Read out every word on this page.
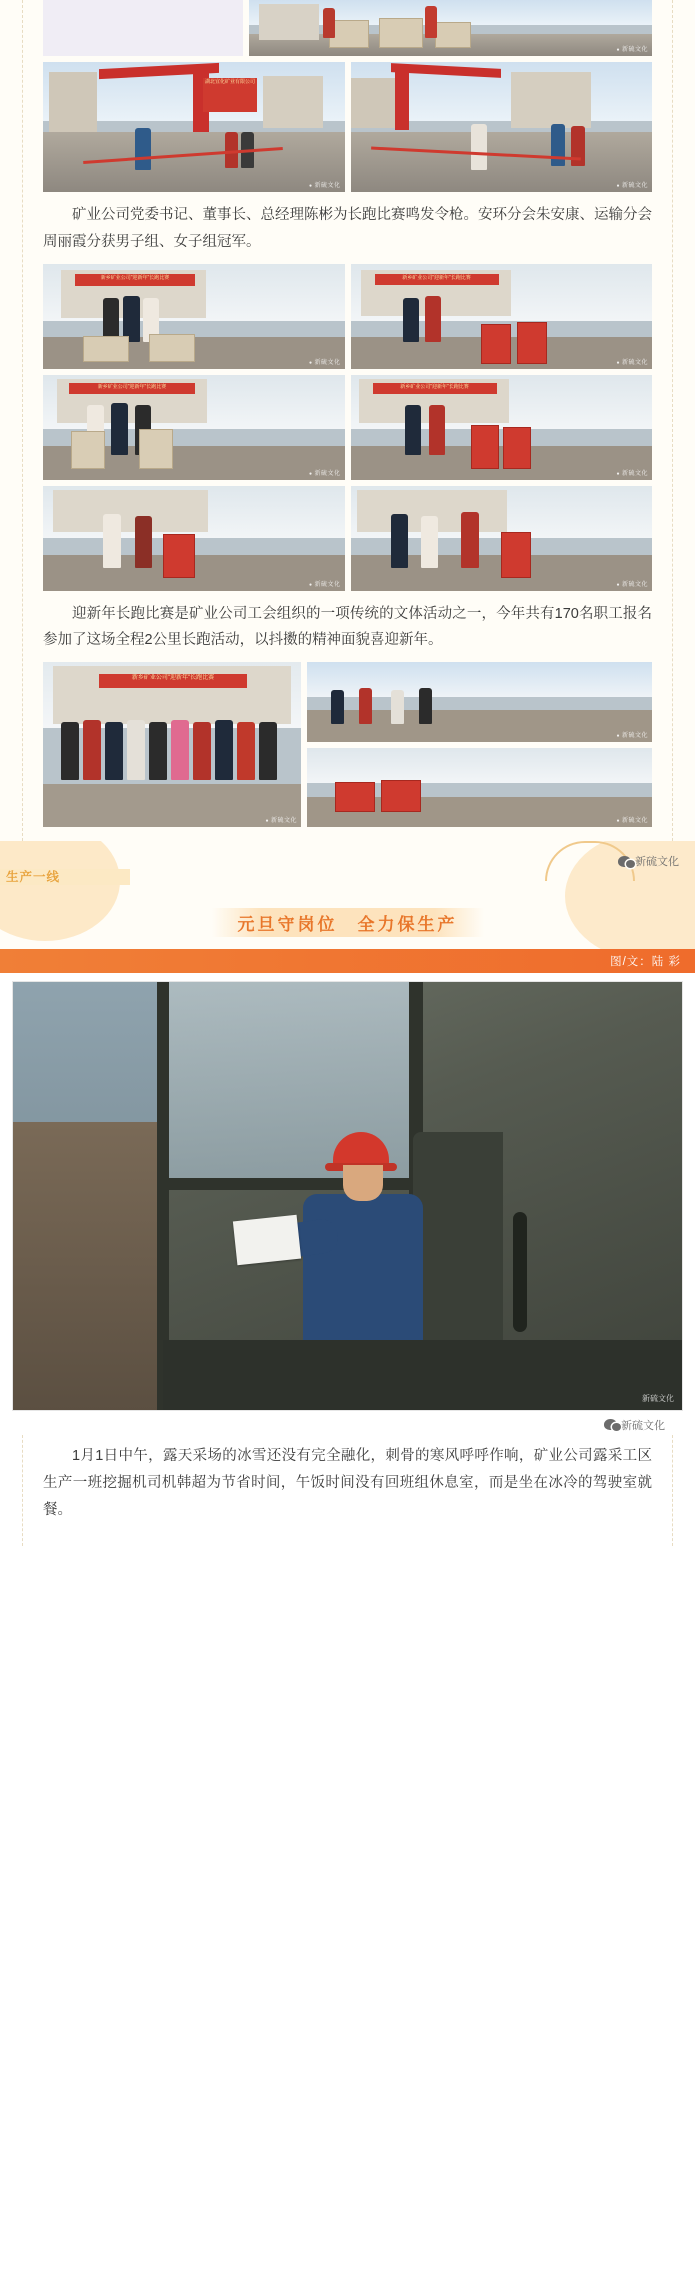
● 新硫文化
湖北宜化矿业有限公司
● 新硫文化	● 新硫文化

矿业公司党委书记、董事长、总经理陈彬为长跑比赛鸣发令枪。安环分会朱安康、运输分会周丽霞分获男子组、女子组冠军。

新乡矿业公司"迎新年"长跑比赛
● 新硫文化
新乡矿业公司"迎新年"长跑比赛
● 新硫文化
新乡矿业公司"迎新年"长跑比赛
● 新硫文化
新乡矿业公司"迎新年"长跑比赛
● 新硫文化
● 新硫文化	● 新硫文化

迎新年长跑比赛是矿业公司工会组织的一项传统的文体活动之一，今年共有170名职工报名参加了这场全程2公里长跑活动，以抖擞的精神面貌喜迎新年。

新乡矿业公司"迎新年"长跑比赛
● 新硫文化
● 新硫文化
● 新硫文化
生产一线
新硫文化
元旦守岗位　全力保生产
图/文：陆 彩
新硫文化
新硫文化

1月1日中午，露天采场的冰雪还没有完全融化，刺骨的寒风呼呼作响，矿业公司露采工区生产一班挖掘机司机韩超为节省时间，午饭时间没有回班组休息室，而是坐在冰冷的驾驶室就餐。
